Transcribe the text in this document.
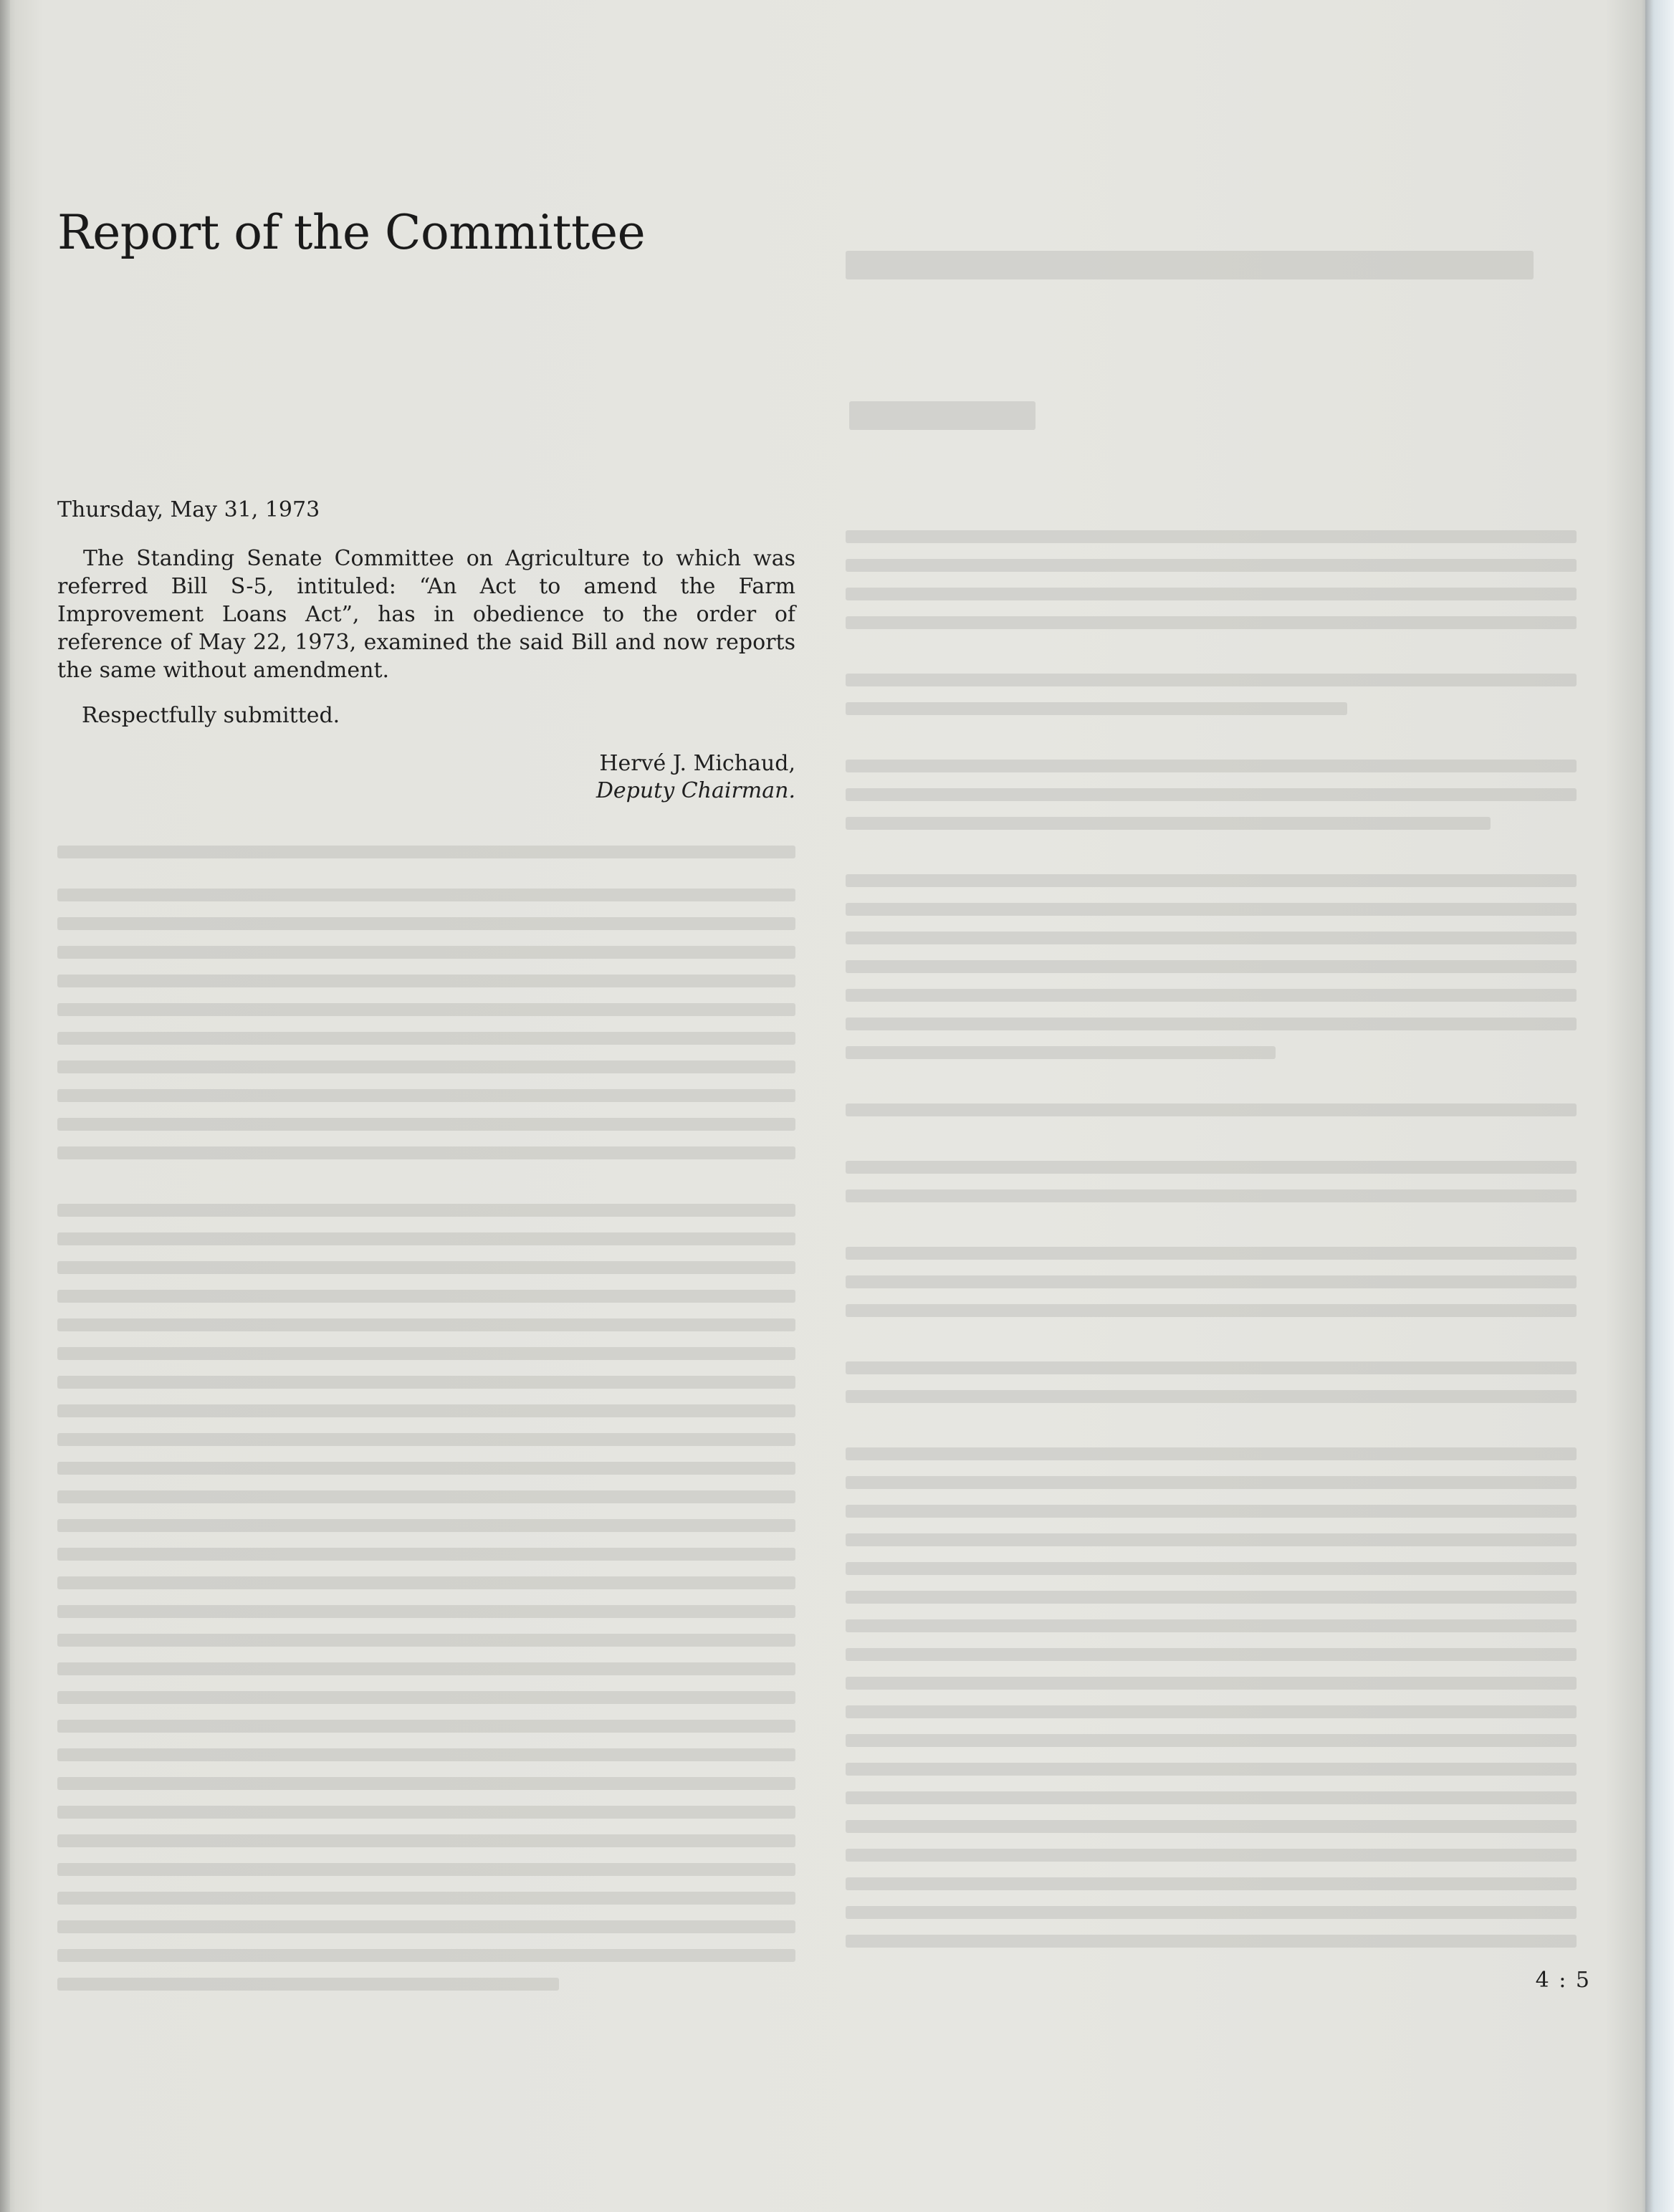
Report of the Committee
Thursday, May 31, 1973

The Standing Senate Committee on Agriculture to which was referred Bill S-5, intituled: “An Act to amend the Farm Improvement Loans Act”, has in obedience to the order of reference of May 22, 1973, examined the said Bill and now reports the same without amendment.

Respectfully submitted.
Hervé J. Michaud,
Deputy Chairman.
4 : 5
